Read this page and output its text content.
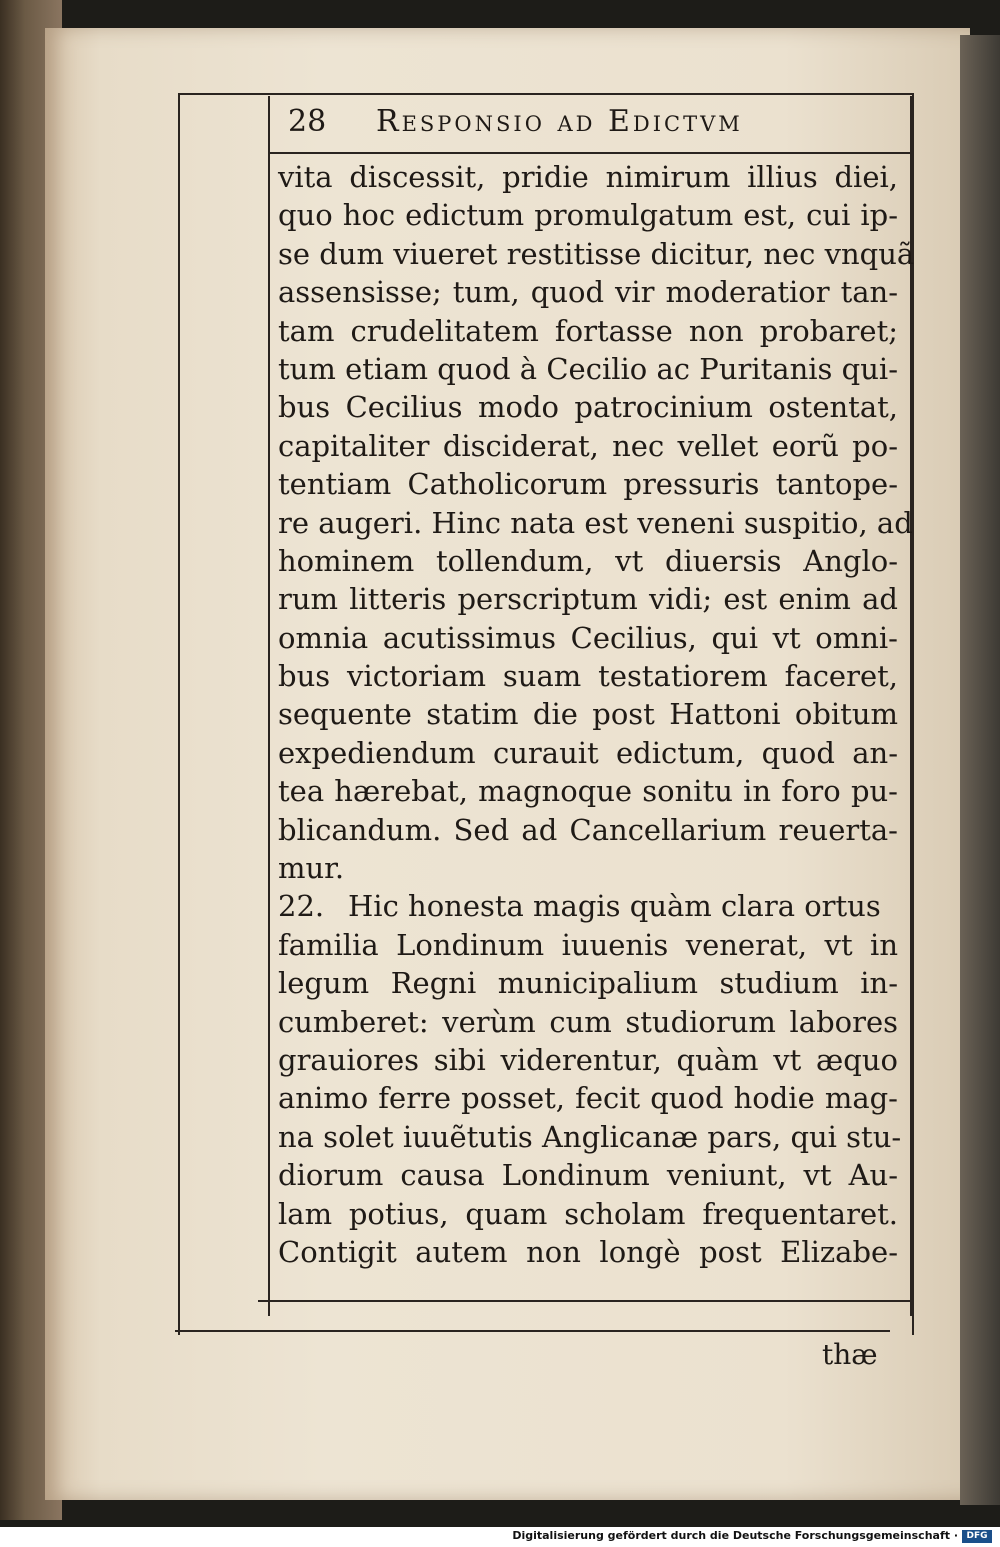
28 Responsio ad Edictvm
vita discessit, pridie nimirum illius diei,
quo hoc edictum promulgatum est, cui ip-
se dum viueret restitisse dicitur, nec vnquã
assensisse; tum, quod vir moderatior tan-
tam crudelitatem fortasse non probaret;
tum etiam quod à Cecilio ac Puritanis qui-
bus Cecilius modo patrocinium ostentat,
capitaliter disciderat, nec vellet eorũ po-
tentiam Catholicorum pressuris tantope-
re augeri. Hinc nata est veneni suspitio, ad
hominem tollendum, vt diuersis Anglo-
rum litteris perscriptum vidi; est enim ad
omnia acutissimus Cecilius, qui vt omni-
bus victoriam suam testatiorem faceret,
sequente statim die post Hattoni obitum
expediendum curauit edictum, quod an-
tea hærebat, magnoque sonitu in foro pu-
blicandum. Sed ad Cancellarium reuerta-
mur.
22. Hic honesta magis quàm clara ortus
familia Londinum iuuenis venerat, vt in
legum Regni municipalium studium in-
cumberet: verùm cum studiorum labores
grauiores sibi viderentur, quàm vt æquo
animo ferre posset, fecit quod hodie mag-
na solet iuuẽtutis Anglicanæ pars, qui stu-
diorum causa Londinum veniunt, vt Au-
lam potius, quam scholam frequentaret.
Contigit autem non longè post Elizabe-
thæ
Digitalisierung gefördert durch die Deutsche Forschungsgemeinschaft · DFG
